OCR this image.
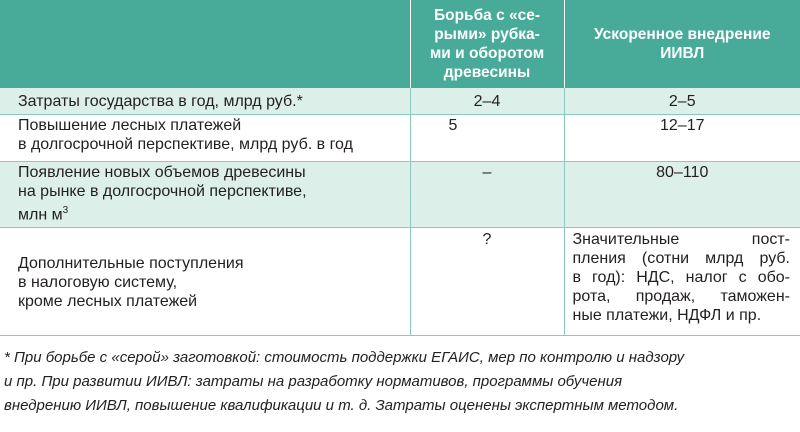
	Борьба с «се-
рыми» рубка-
ми и оборотом
древесины	Ускоренное внедрение
ИИВЛ

Затраты государства в год, млрд руб.*	2–4	2–5

Повышение лесных платежей
в долгосрочной перспективе, млрд руб. в год	5	12–17

Появление новых объемов древесины
на рынке в долгосрочной перспективе,
млн $м^3$	–	80–110

Дополнительные поступления
в налоговую систему,
кроме лесных платежей	?	Значительные пост-
пления (сотни млрд руб.
в год): НДС, налог с обо-
рота, продаж, таможен-
ные платежи, НДФЛ и пр.
* При борьбе с «серой» заготовкой: стоимость поддержки ЕГАИС, мер по контролю и надзору
и пр. При развитии ИИВЛ: затраты на разработку нормативов, программы обучения
внедрению ИИВЛ, повышение квалификации и т. д. Затраты оценены экспертным методом.
